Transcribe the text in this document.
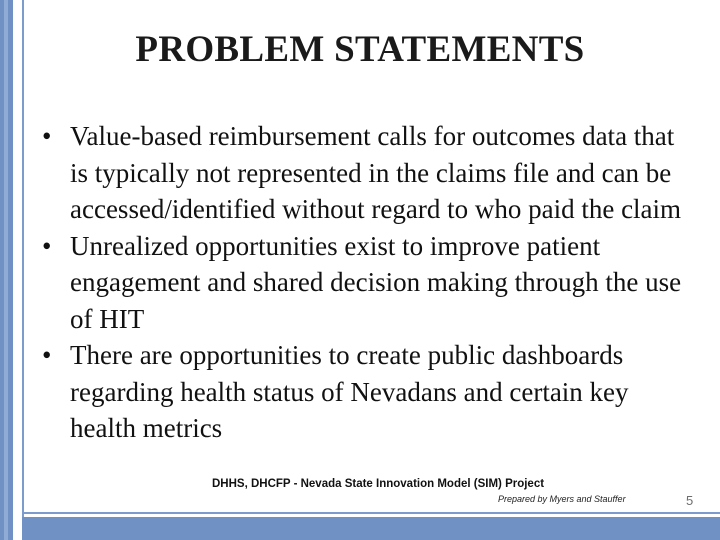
PROBLEM STATEMENTS
• Value-based reimbursement calls for outcomes data that is typically not represented in the claims file and can be accessed/identified without regard to who paid the claim
• Unrealized opportunities exist to improve patient engagement and shared decision making through the use of HIT
• There are opportunities to create public dashboards regarding health status of Nevadans and certain key health metrics
DHHS, DHCFP - Nevada State Innovation Model (SIM) Project
Prepared by Myers and Stauffer	5
